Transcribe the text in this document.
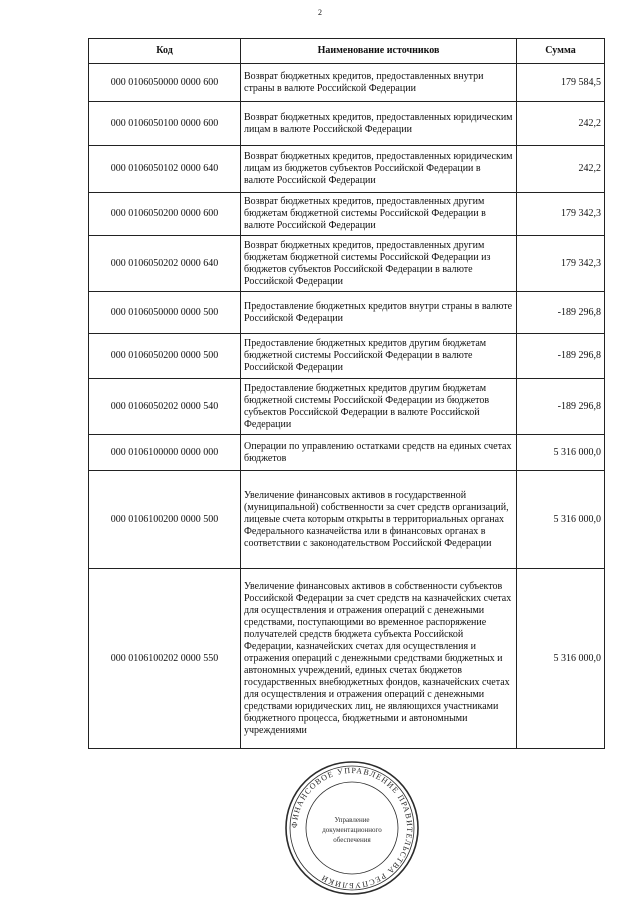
2
Код	Наименование источников	Сумма
000 0106050000 0000 600	Возврат бюджетных кредитов, предоставленных внутри страны в валюте Российской Федерации	179 584,5
000 0106050100 0000 600	Возврат бюджетных кредитов, предоставленных юридическим лицам в валюте Российской Федерации	242,2
000 0106050102 0000 640	Возврат бюджетных кредитов, предоставленных юридическим лицам из бюджетов субъектов Российской Федерации в валюте Российской Федерации	242,2
000 0106050200 0000 600	Возврат бюджетных кредитов, предоставленных другим бюджетам бюджетной системы Российской Федерации в валюте Российской Федерации	179 342,3
000 0106050202 0000 640	Возврат бюджетных кредитов, предоставленных другим бюджетам бюджетной системы Российской Федерации из бюджетов субъектов Российской Федерации в валюте Российской Федерации	179 342,3
000 0106050000 0000 500	Предоставление бюджетных кредитов внутри страны в валюте Российской Федерации	-189 296,8
000 0106050200 0000 500	Предоставление бюджетных кредитов другим бюджетам бюджетной системы Российской Федерации в валюте Российской Федерации	-189 296,8
000 0106050202 0000 540	Предоставление бюджетных кредитов другим бюджетам бюджетной системы Российской Федерации из бюджетов субъектов Российской Федерации в валюте Российской Федерации	-189 296,8
000 0106100000 0000 000	Операции по управлению остатками средств на единых счетах бюджетов	5 316 000,0
000 0106100200 0000 500	Увеличение финансовых активов в государственной (муниципальной) собственности за счет средств организаций, лицевые счета которым открыты в территориальных органах Федерального казначейства или в финансовых органах в соответствии с законодательством Российской Федерации	5 316 000,0
000 0106100202 0000 550	Увеличение финансовых активов в собственности субъектов Российской Федерации за счет средств на казначейских счетах для осуществления и отражения операций с денежными средствами, поступающими во временное распоряжение получателей средств бюджета субъекта Российской Федерации, казначейских счетах для осуществления и отражения операций с денежными средствами бюджетных и автономных учреждений, единых счетах бюджетов государственных внебюджетных фондов, казначейских счетах для осуществления и отражения операций с денежными средствами юридических лиц, не являющихся участниками бюджетного процесса, бюджетными и автономными учреждениями	5 316 000,0
ФИНАНСОВОЕ УПРАВЛЕНИЕ ПРАВИТЕЛЬСТВА РЕСПУБЛИКИ
Управление
документационного
обеспечения
